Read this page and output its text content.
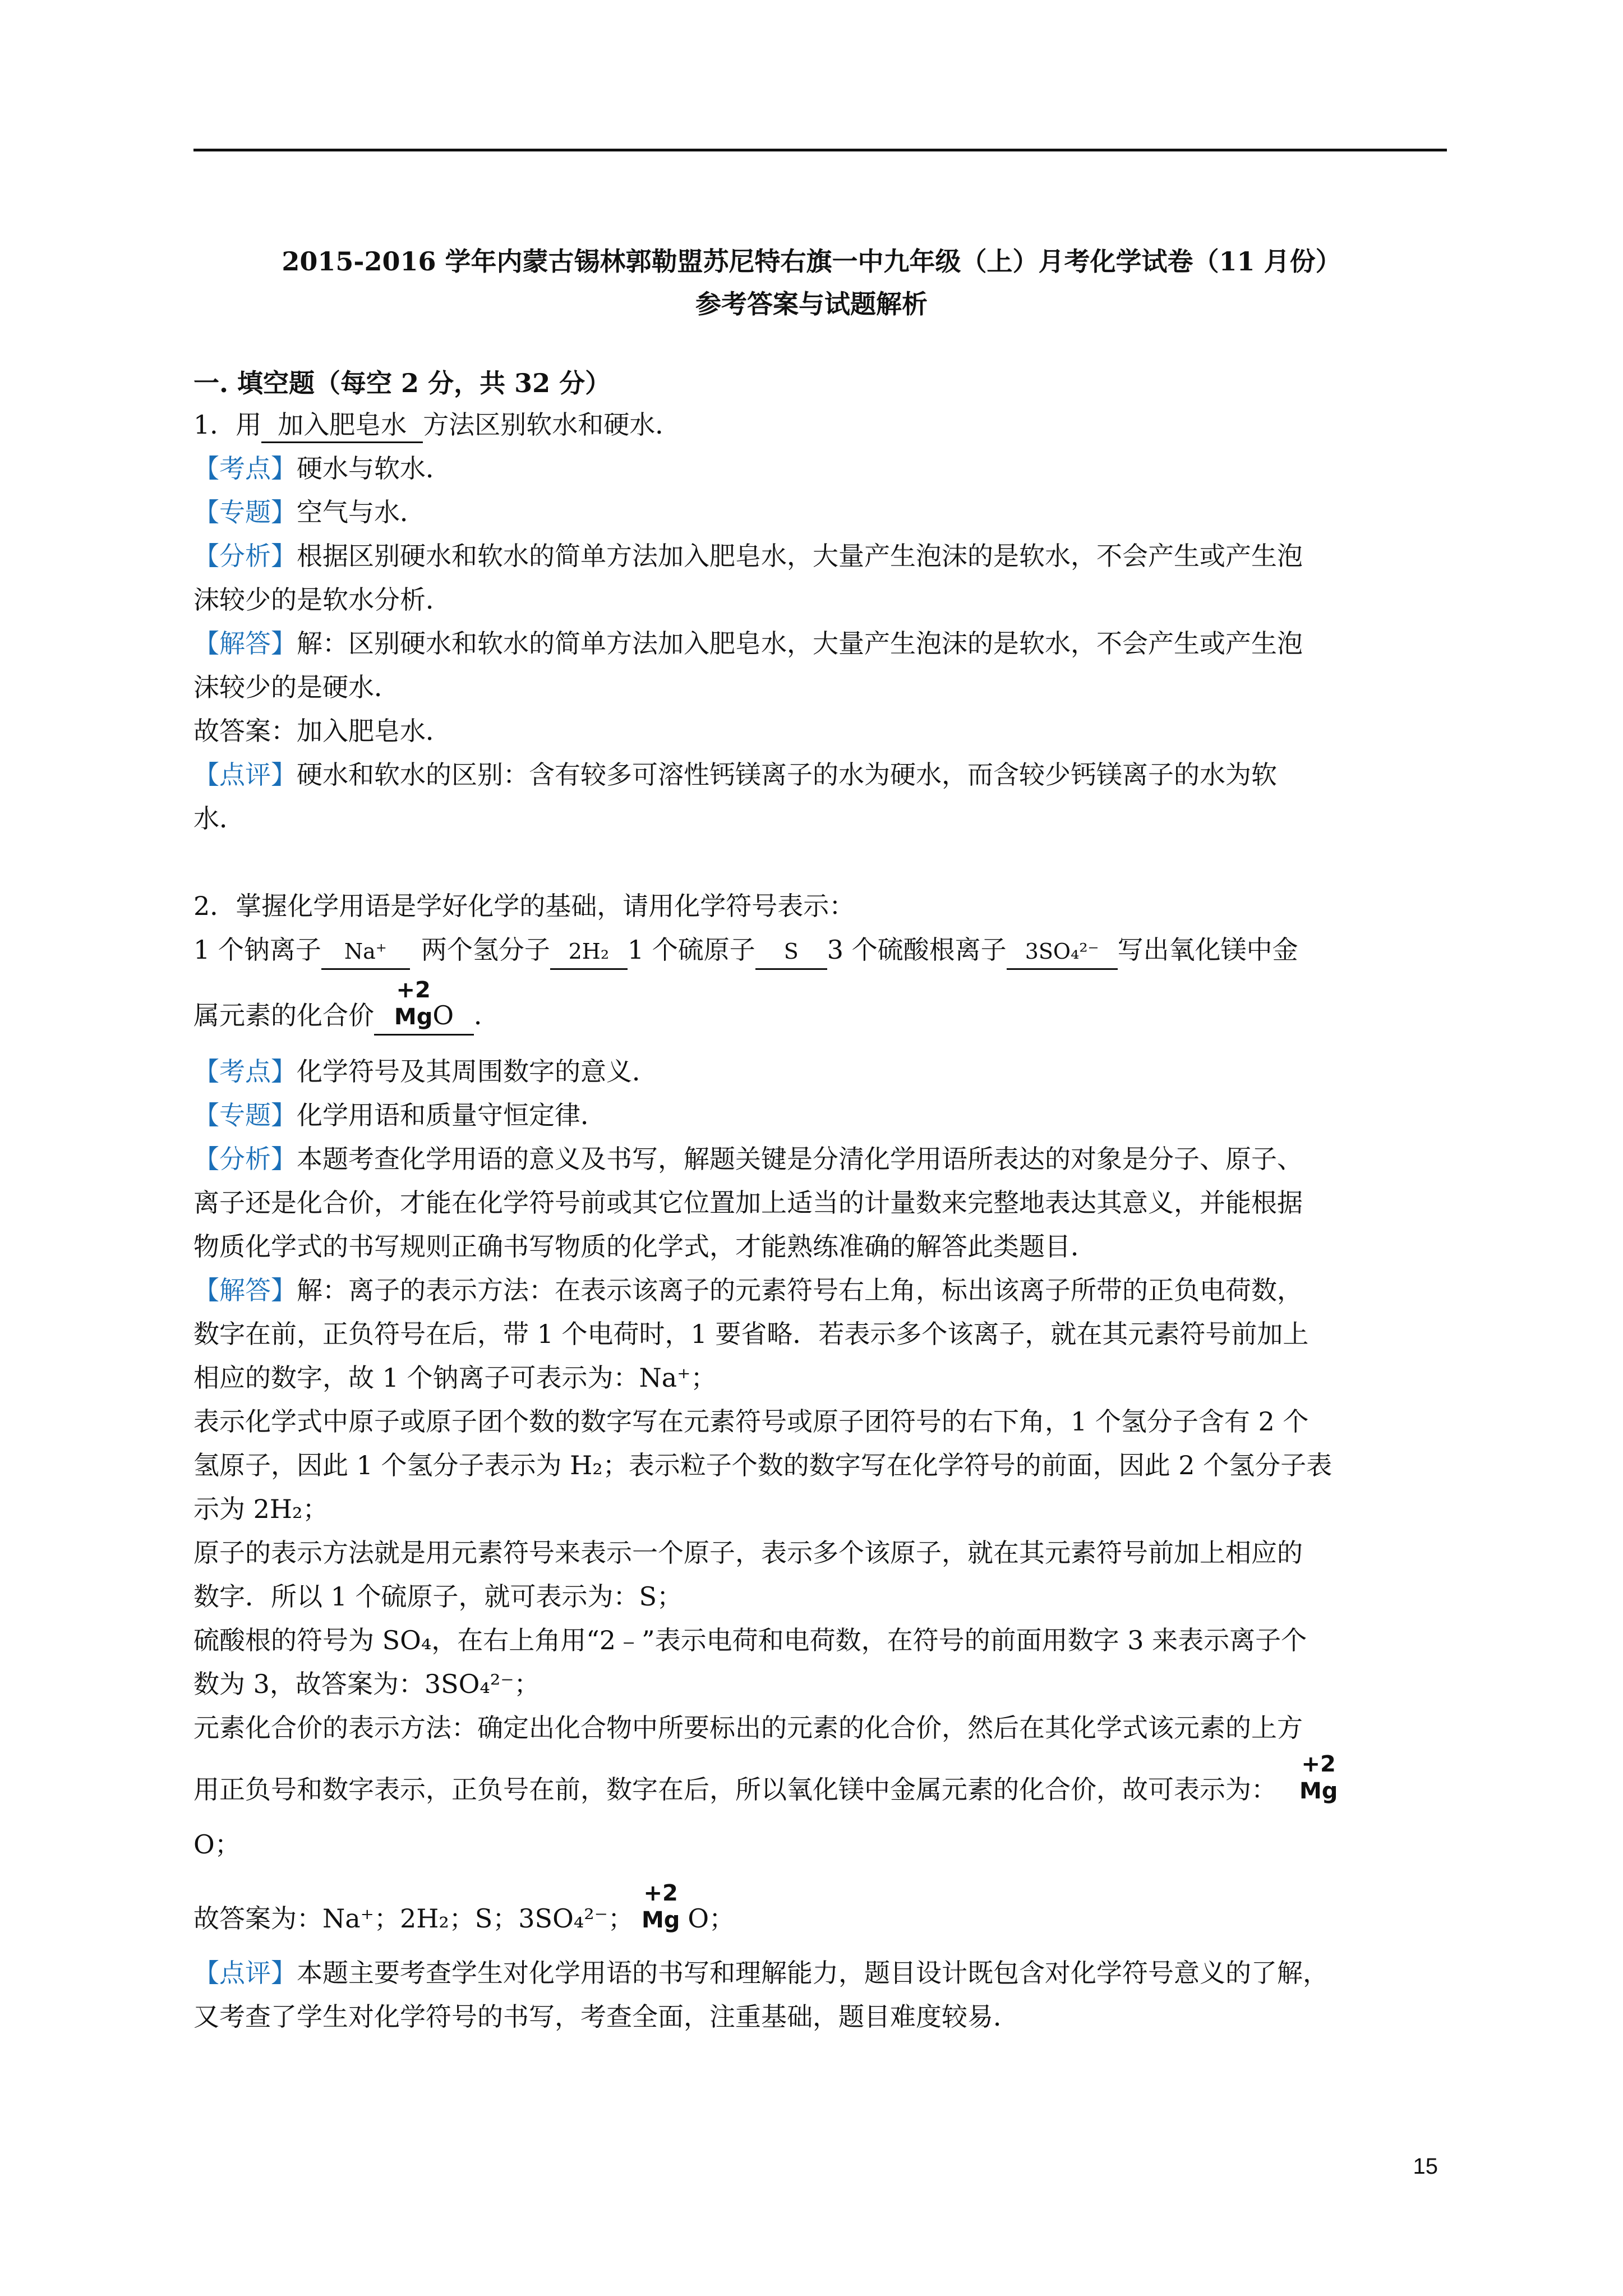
2015-2016 学年内蒙古锡林郭勒盟苏尼特右旗一中九年级（上）月考化学试卷（11 月份）
参考答案与试题解析
一. 填空题（每空 2 分，共 32 分）
1．用 加入肥皂水 方法区别软水和硬水．
【考点】硬水与软水．
【专题】空气与水．
【分析】根据区别硬水和软水的简单方法加入肥皂水，大量产生泡沫的是软水，不会产生或产生泡
沫较少的是软水分析．
【解答】解：区别硬水和软水的简单方法加入肥皂水，大量产生泡沫的是软水，不会产生或产生泡
沫较少的是硬水．
故答案：加入肥皂水．
【点评】硬水和软水的区别：含有较多可溶性钙镁离子的水为硬水，而含较少钙镁离子的水为软
水．
2．掌握化学用语是学好化学的基础，请用化学符号表示：
1 个钠离子 Na⁺ 两个氢分子 2H₂ 1 个硫原子 S 3 个硫酸根离子 3SO₄²⁻ 写出氧化镁中金
属元素的化合价
+2
MgO ．
【考点】化学符号及其周围数字的意义．
【专题】化学用语和质量守恒定律．
【分析】本题考查化学用语的意义及书写，解题关键是分清化学用语所表达的对象是分子、原子、
离子还是化合价，才能在化学符号前或其它位置加上适当的计量数来完整地表达其意义，并能根据
物质化学式的书写规则正确书写物质的化学式，才能熟练准确的解答此类题目．
【解答】解：离子的表示方法：在表示该离子的元素符号右上角，标出该离子所带的正负电荷数，
数字在前，正负符号在后，带 1 个电荷时，1 要省略．若表示多个该离子，就在其元素符号前加上
相应的数字，故 1 个钠离子可表示为：Na⁺；
表示化学式中原子或原子团个数的数字写在元素符号或原子团符号的右下角，1 个氢分子含有 2 个
氢原子，因此 1 个氢分子表示为 H₂；表示粒子个数的数字写在化学符号的前面，因此 2 个氢分子表
示为 2H₂；
原子的表示方法就是用元素符号来表示一个原子，表示多个该原子，就在其元素符号前加上相应的
数字．所以 1 个硫原子，就可表示为：S；
硫酸根的符号为 SO₄，在右上角用“2﹣”表示电荷和电荷数，在符号的前面用数字 3 来表示离子个
数为 3，故答案为：3SO₄²⁻；
元素化合价的表示方法：确定出化合物中所要标出的元素的化合价，然后在其化学式该元素的上方
用正负号和数字表示，正负号在前，数字在后，所以氧化镁中金属元素的化合价，故可表示为：
+2
Mg
O；
故答案为：Na⁺；2H₂；S；3SO₄²⁻；
+2
Mg O；
【点评】本题主要考查学生对化学用语的书写和理解能力，题目设计既包含对化学符号意义的了解，
又考查了学生对化学符号的书写，考查全面，注重基础，题目难度较易．
15
